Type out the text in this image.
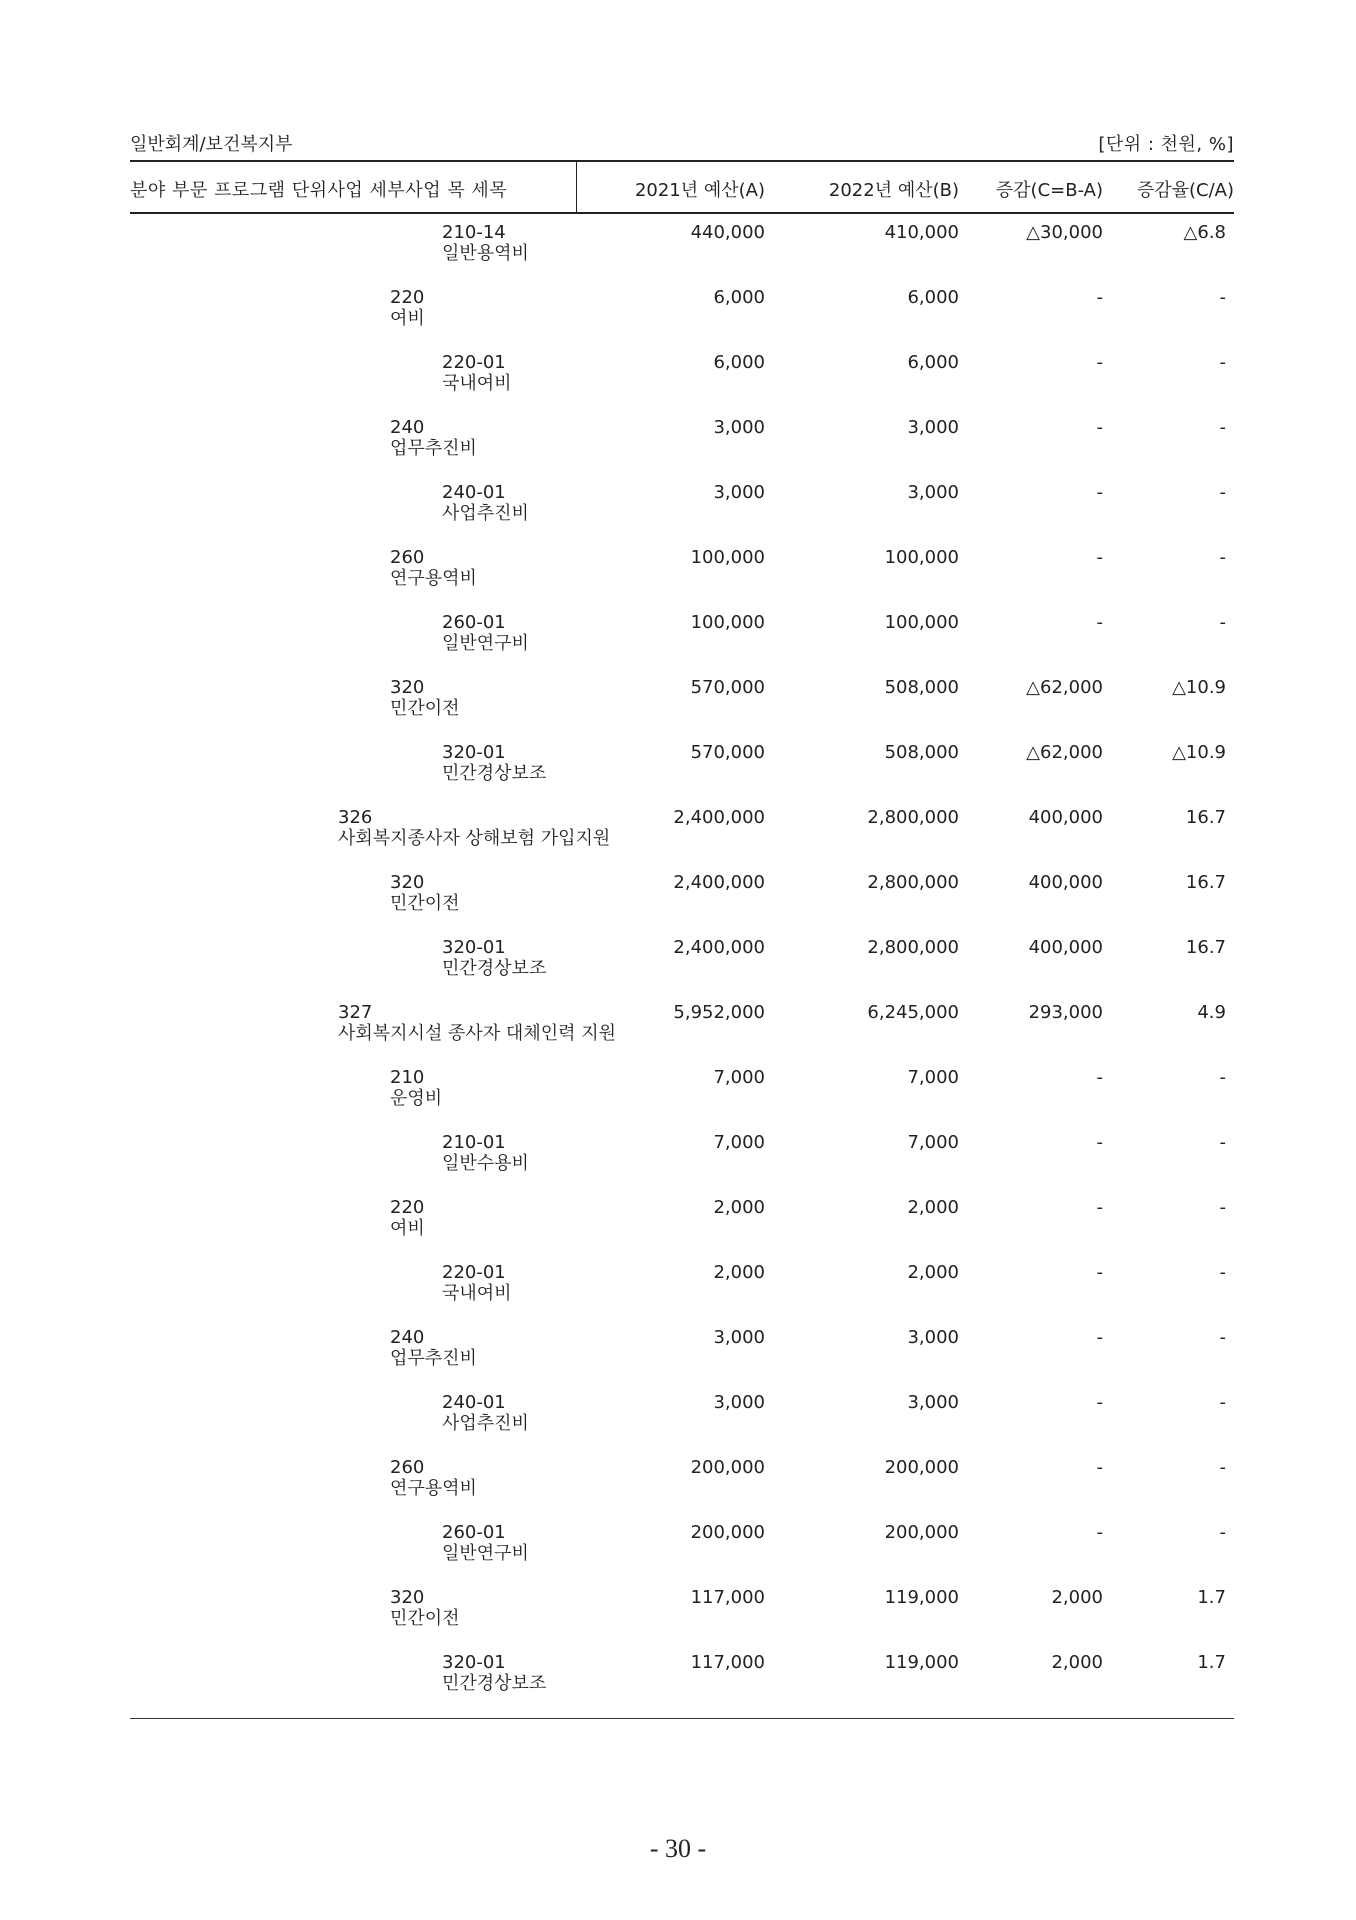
일반회계/보건복지부	[단위 : 천원, %]
분야 부문 프로그램 단위사업 세부사업 목 세목	2021년 예산(A)	2022년 예산(B) 증감(C=B-A) 증감율(C/A)
210-14
일반용역비
440,000	410,000	△30,000	△6.8
220
여비
6,000	6,000	-	-
220-01
국내여비
6,000	6,000	-	-
240
업무추진비
3,000	3,000	-	-
240-01
사업추진비
3,000	3,000	-	-
260
연구용역비
100,000	100,000	-	-
260-01
일반연구비
100,000	100,000	-	-
320
민간이전
570,000	508,000	△62,000	△10.9
320-01
민간경상보조
570,000	508,000	△62,000	△10.9
326
사회복지종사자 상해보험 가입지원
2,400,000	2,800,000	400,000	16.7
320
민간이전
2,400,000	2,800,000	400,000	16.7
320-01
민간경상보조
2,400,000	2,800,000	400,000	16.7
327
사회복지시설 종사자 대체인력 지원
5,952,000	6,245,000	293,000	4.9
210
운영비
7,000	7,000	-	-
210-01
일반수용비
7,000	7,000	-	-
220
여비
2,000	2,000	-	-
220-01
국내여비
2,000	2,000	-	-
240
업무추진비
3,000	3,000	-	-
240-01
사업추진비
3,000	3,000	-	-
260
연구용역비
200,000	200,000	-	-
260-01
일반연구비
200,000	200,000	-	-
320
민간이전
117,000	119,000	2,000	1.7
320-01
민간경상보조
117,000	119,000	2,000	1.7
- 30 -
